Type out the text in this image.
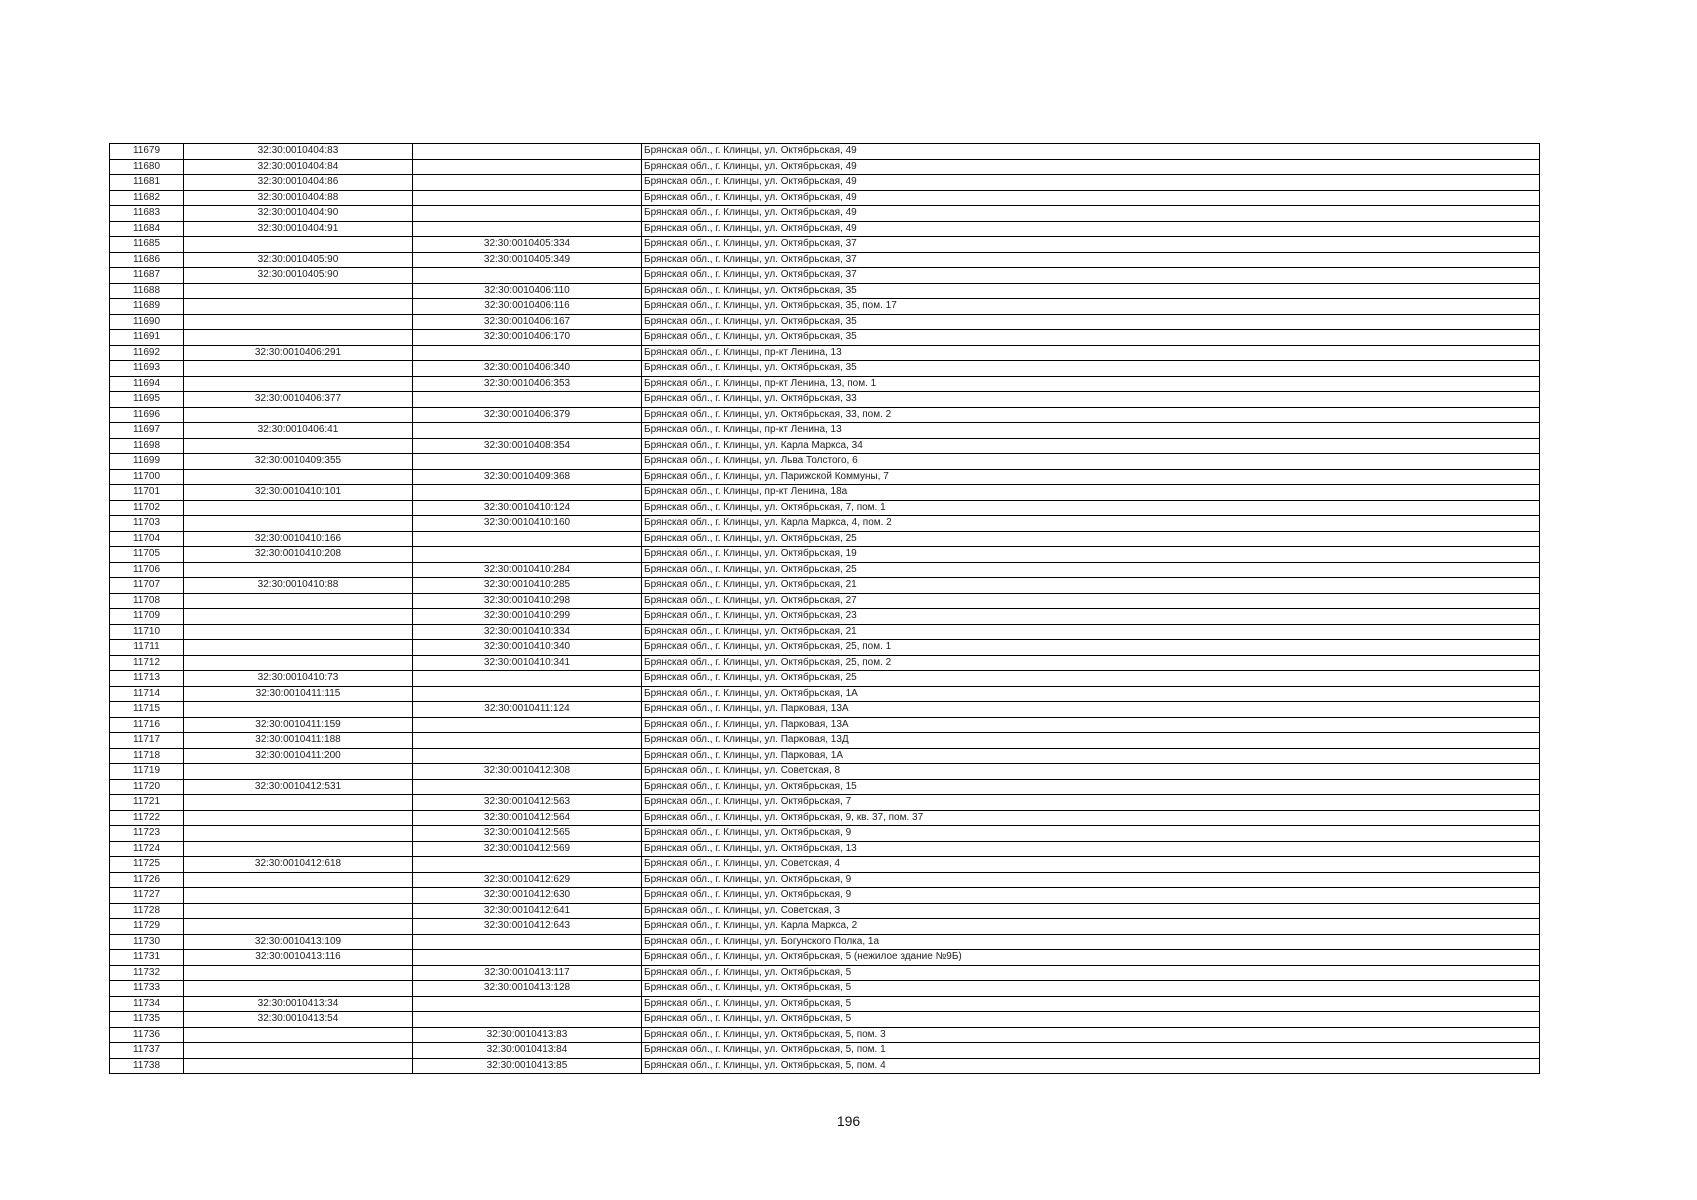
11679	32:30:0010404:83		Брянская обл., г. Клинцы, ул. Октябрьская, 49
11680	32:30:0010404:84		Брянская обл., г. Клинцы, ул. Октябрьская, 49
11681	32:30:0010404:86		Брянская обл., г. Клинцы, ул. Октябрьская, 49
11682	32:30:0010404:88		Брянская обл., г. Клинцы, ул. Октябрьская, 49
11683	32:30:0010404:90		Брянская обл., г. Клинцы, ул. Октябрьская, 49
11684	32:30:0010404:91		Брянская обл., г. Клинцы, ул. Октябрьская, 49
11685		32:30:0010405:334	Брянская обл., г. Клинцы, ул. Октябрьская, 37
11686	32:30:0010405:90	32:30:0010405:349	Брянская обл., г. Клинцы, ул. Октябрьская, 37
11687	32:30:0010405:90		Брянская обл., г. Клинцы, ул. Октябрьская, 37
11688		32:30:0010406:110	Брянская обл., г. Клинцы, ул. Октябрьская, 35
11689		32:30:0010406:116	Брянская обл., г. Клинцы, ул. Октябрьская, 35, пом. 17
11690		32:30:0010406:167	Брянская обл., г. Клинцы, ул. Октябрьская, 35
11691		32:30:0010406:170	Брянская обл., г. Клинцы, ул. Октябрьская, 35
11692	32:30:0010406:291		Брянская обл., г. Клинцы, пр-кт Ленина, 13
11693		32:30:0010406:340	Брянская обл., г. Клинцы, ул. Октябрьская, 35
11694		32:30:0010406:353	Брянская обл., г. Клинцы, пр-кт Ленина, 13, пом. 1
11695	32:30:0010406:377		Брянская обл., г. Клинцы, ул. Октябрьская, 33
11696		32:30:0010406:379	Брянская обл., г. Клинцы, ул. Октябрьская, 33, пом. 2
11697	32:30:0010406:41		Брянская обл., г. Клинцы, пр-кт Ленина, 13
11698		32:30:0010408:354	Брянская обл., г. Клинцы, ул. Карла Маркса, 34
11699	32:30:0010409:355		Брянская обл., г. Клинцы, ул. Льва Толстого, 6
11700		32:30:0010409:368	Брянская обл., г. Клинцы, ул. Парижской Коммуны, 7
11701	32:30:0010410:101		Брянская обл., г. Клинцы, пр-кт Ленина, 18а
11702		32:30:0010410:124	Брянская обл., г. Клинцы, ул. Октябрьская, 7, пом. 1
11703		32:30:0010410:160	Брянская обл., г. Клинцы, ул. Карла Маркса, 4, пом. 2
11704	32:30:0010410:166		Брянская обл., г. Клинцы, ул. Октябрьская, 25
11705	32:30:0010410:208		Брянская обл., г. Клинцы, ул. Октябрьская, 19
11706		32:30:0010410:284	Брянская обл., г. Клинцы, ул. Октябрьская, 25
11707	32:30:0010410:88	32:30:0010410:285	Брянская обл., г. Клинцы, ул. Октябрьская, 21
11708		32:30:0010410:298	Брянская обл., г. Клинцы, ул. Октябрьская, 27
11709		32:30:0010410:299	Брянская обл., г. Клинцы, ул. Октябрьская, 23
11710		32:30:0010410:334	Брянская обл., г. Клинцы, ул. Октябрьская, 21
11711		32:30:0010410:340	Брянская обл., г. Клинцы, ул. Октябрьская, 25, пом. 1
11712		32:30:0010410:341	Брянская обл., г. Клинцы, ул. Октябрьская, 25, пом. 2
11713	32:30:0010410:73		Брянская обл., г. Клинцы, ул. Октябрьская, 25
11714	32:30:0010411:115		Брянская обл., г. Клинцы, ул. Октябрьская, 1А
11715		32:30:0010411:124	Брянская обл., г. Клинцы, ул. Парковая, 13А
11716	32:30:0010411:159		Брянская обл., г. Клинцы, ул. Парковая, 13А
11717	32:30:0010411:188		Брянская обл., г. Клинцы, ул. Парковая, 13Д
11718	32:30:0010411:200		Брянская обл., г. Клинцы, ул. Парковая, 1А
11719		32:30:0010412:308	Брянская обл., г. Клинцы, ул. Советская, 8
11720	32:30:0010412:531		Брянская обл., г. Клинцы, ул. Октябрьская, 15
11721		32:30:0010412:563	Брянская обл., г. Клинцы, ул. Октябрьская, 7
11722		32:30:0010412:564	Брянская обл., г. Клинцы, ул. Октябрьская, 9, кв. 37, пом. 37
11723		32:30:0010412:565	Брянская обл., г. Клинцы, ул. Октябрьская, 9
11724		32:30:0010412:569	Брянская обл., г. Клинцы, ул. Октябрьская, 13
11725	32:30:0010412:618		Брянская обл., г. Клинцы, ул. Советская, 4
11726		32:30:0010412:629	Брянская обл., г. Клинцы, ул. Октябрьская, 9
11727		32:30:0010412:630	Брянская обл., г. Клинцы, ул. Октябрьская, 9
11728		32:30:0010412:641	Брянская обл., г. Клинцы, ул. Советская, 3
11729		32:30:0010412:643	Брянская обл., г. Клинцы, ул. Карла Маркса, 2
11730	32:30:0010413:109		Брянская обл., г. Клинцы, ул. Богунского Полка, 1а
11731	32:30:0010413:116		Брянская обл., г. Клинцы, ул. Октябрьская, 5 (нежилое здание №9Б)
11732		32:30:0010413:117	Брянская обл., г. Клинцы, ул. Октябрьская, 5
11733		32:30:0010413:128	Брянская обл., г. Клинцы, ул. Октябрьская, 5
11734	32:30:0010413:34		Брянская обл., г. Клинцы, ул. Октябрьская, 5
11735	32:30:0010413:54		Брянская обл., г. Клинцы, ул. Октябрьская, 5
11736		32:30:0010413:83	Брянская обл., г. Клинцы, ул. Октябрьская, 5, пом. 3
11737		32:30:0010413:84	Брянская обл., г. Клинцы, ул. Октябрьская, 5, пом. 1
11738		32:30:0010413:85	Брянская обл., г. Клинцы, ул. Октябрьская, 5, пом. 4
196
